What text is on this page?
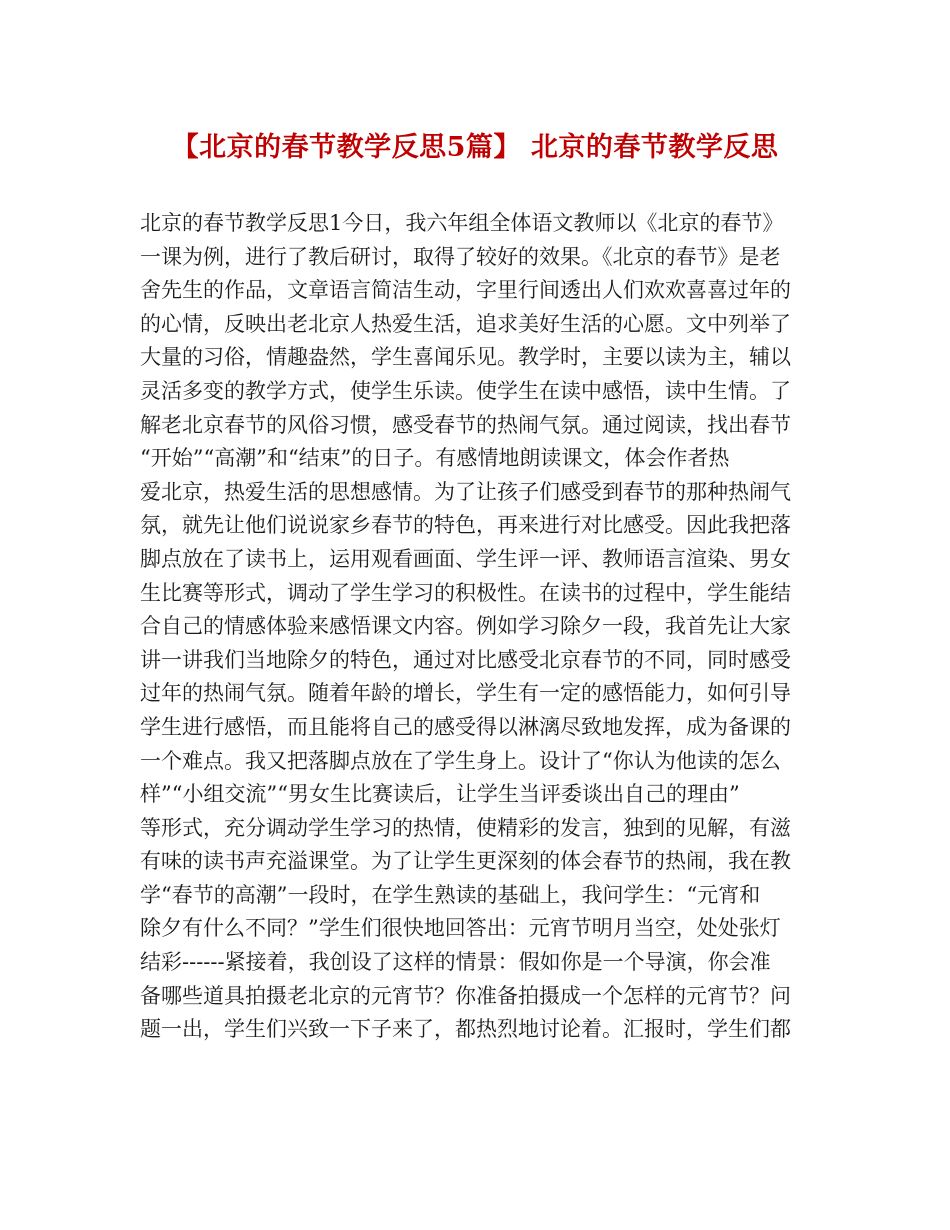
【北京的春节教学反思5篇】 北京的春节教学反思
北京的春节教学反思1今日，我六年组全体语文教师以《北京的春节》
一课为例，进行了教后研讨，取得了较好的效果。《北京的春节》是老
舍先生的作品，文章语言简洁生动，字里行间透出人们欢欢喜喜过年的
的心情，反映出老北京人热爱生活，追求美好生活的心愿。文中列举了
大量的习俗，情趣盎然，学生喜闻乐见。教学时，主要以读为主，辅以
灵活多变的教学方式，使学生乐读。使学生在读中感悟，读中生情。了
解老北京春节的风俗习惯，感受春节的热闹气氛。通过阅读，找出春节
“开始”“高潮”和“结束”的日子。有感情地朗读课文，体会作者热
爱北京，热爱生活的思想感情。为了让孩子们感受到春节的那种热闹气
氛，就先让他们说说家乡春节的特色，再来进行对比感受。因此我把落
脚点放在了读书上，运用观看画面、学生评一评、教师语言渲染、男女
生比赛等形式，调动了学生学习的积极性。在读书的过程中，学生能结
合自己的情感体验来感悟课文内容。例如学习除夕一段，我首先让大家
讲一讲我们当地除夕的特色，通过对比感受北京春节的不同，同时感受
过年的热闹气氛。随着年龄的增长，学生有一定的感悟能力，如何引导
学生进行感悟，而且能将自己的感受得以淋漓尽致地发挥，成为备课的
一个难点。我又把落脚点放在了学生身上。设计了“你认为他读的怎么
样”“小组交流”“男女生比赛读后，让学生当评委谈出自己的理由”
等形式，充分调动学生学习的热情，使精彩的发言，独到的见解，有滋
有味的读书声充溢课堂。为了让学生更深刻的体会春节的热闹，我在教
学“春节的高潮”一段时，在学生熟读的基础上，我问学生：“元宵和
除夕有什么不同？”学生们很快地回答出：元宵节明月当空，处处张灯
结彩------紧接着，我创设了这样的情景：假如你是一个导演，你会准
备哪些道具拍摄老北京的元宵节？你准备拍摄成一个怎样的元宵节？问
题一出，学生们兴致一下子来了，都热烈地讨论着。汇报时，学生们都
